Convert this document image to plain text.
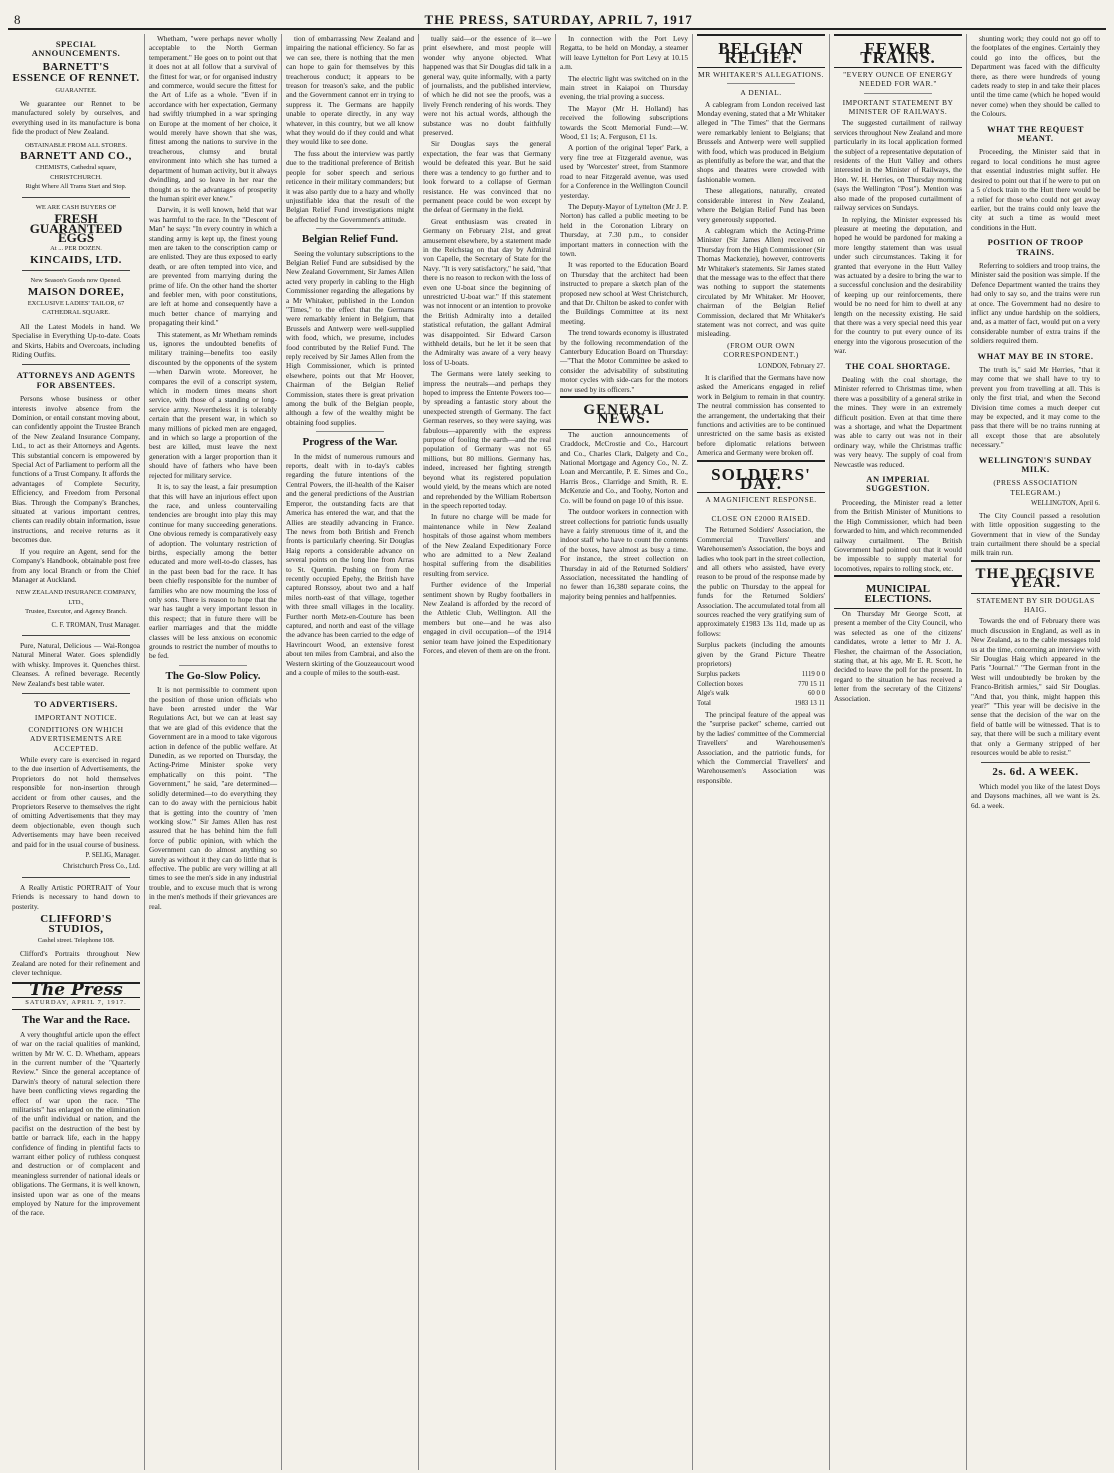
8	THE PRESS, SATURDAY, APRIL 7, 1917

SPECIAL ANNOUNCEMENTS.
BARNETT'S
ESSENCE OF RENNET.
GUARANTEE.

We guarantee our Rennet to be manufactured solely by ourselves, and everything used in its manufacture is bona fide the product of New Zealand.

OBTAINABLE FROM ALL STORES.
BARNETT AND CO.,
CHEMISTS, Cathedral square, CHRISTCHURCH.
Right Where All Trams Start and Stop.
WE ARE CASH BUYERS OF
FRESH GUARANTEED EGGS
At ... PER DOZEN.
KINCAIDS, LTD.
New Season's Goods now Opened.
MAISON DOREE,
EXCLUSIVE LADIES' TAILOR, 67 CATHEDRAL SQUARE.

All the Latest Models in hand. We Specialise in Everything Up-to-date. Coats and Skirts, Habits and Overcoats, including Riding Outfits.

ATTORNEYS AND AGENTS FOR ABSENTEES.

Persons whose business or other interests involve absence from the Dominion, or entail constant moving about, can confidently appoint the Trustee Branch of the New Zealand Insurance Company, Ltd., to act as their Attorneys and Agents. This substantial concern is empowered by Special Act of Parliament to perform all the functions of a Trust Company. It affords the advantages of Complete Security, Efficiency, and Freedom from Personal Bias. Through the Company's Branches, situated at various important centres, clients can readily obtain information, issue instructions, and receive returns as it becomes due.

If you require an Agent, send for the Company's Handbook, obtainable post free from any local Branch or from the Chief Manager at Auckland.

NEW ZEALAND INSURANCE COMPANY, LTD.,
Trustee, Executor, and Agency Branch.
C. F. TROMAN, Trust Manager.

Pure, Natural, Delicious — Wai-Rongoa Natural Mineral Water. Goes splendidly with whisky. Improves it. Quenches thirst. Cleanses. A refined beverage. Recently New Zealand's best table water.

TO ADVERTISERS.
IMPORTANT NOTICE.
CONDITIONS ON WHICH ADVERTISEMENTS ARE ACCEPTED.

While every care is exercised in regard to the due insertion of Advertisements, the Proprietors do not hold themselves responsible for non-insertion through accident or from other causes, and the Proprietors Reserve to themselves the right of omitting Advertisements that they may deem objectionable, even though such Advertisements may have been received and paid for in the usual course of business.

P. SELIG, Manager.
Christchurch Press Co., Ltd.

A Really Artistic PORTRAIT of Your Friends is necessary to hand down to posterity.

CLIFFORD'S STUDIOS,
Cashel street. Telephone 108.

Clifford's Portraits throughout New Zealand are noted for their refinement and clever technique.

The Press
SATURDAY, APRIL 7, 1917.
The War and the Race.

A very thoughtful article upon the effect of war on the racial qualities of mankind, written by Mr W. C. D. Whetham, appears in the current number of the "Quarterly Review." Since the general acceptance of Darwin's theory of natural selection there have been conflicting views regarding the effect of war upon the race. "The militarists" has enlarged on the elimination of the unfit individual or nation, and the pacifist on the destruction of the best by battle or barrack life, each in the happy confidence of finding in plentiful facts to warrant either policy of ruthless conquest and destruction or of complacent and meaningless surrender of national ideals or obligations. The Germans, it is well known, insisted upon war as one of the means employed by Nature for the improvement of the race.

Whetham, "were perhaps never wholly acceptable to the North German temperament." He goes on to point out that it does not at all follow that a survival of the fittest for war, or for organised industry and commerce, would secure the fittest for the Art of Life as a whole. "Even if in accordance with her expectation, Germany had swiftly triumphed in a war springing on Europe at the moment of her choice, it would merely have shown that she was, fittest among the nations to survive in the treacherous, clumsy and brutal environment into which she has turned a department of human activity, but it always dwindling, and so leave in her rear the thought as to the advantages of prosperity the human spirit ever knew."

Darwin, it is well known, held that war was harmful to the race. In the "Descent of Man" he says: "In every country in which a standing army is kept up, the finest young men are taken to the conscription camp or are enlisted. They are thus exposed to early death, or are often tempted into vice, and are prevented from marrying during the prime of life. On the other hand the shorter and feebler men, with poor constitutions, are left at home and consequently have a much better chance of marrying and propagating their kind."

This statement, as Mr Whetham reminds us, ignores the undoubted benefits of military training—benefits too easily discounted by the opponents of the system—when Darwin wrote. Moreover, he compares the evil of a conscript system, which in modern times means short service, with those of a standing or long-service army. Nevertheless it is tolerably certain that the present war, in which so many millions of picked men are engaged, and in which so large a proportion of the best are killed, must leave the next generation with a larger proportion than it should have of fathers who have been rejected for military service.

It is, to say the least, a fair presumption that this will have an injurious effect upon the race, and unless countervailing tendencies are brought into play this may continue for many succeeding generations. One obvious remedy is comparatively easy of adoption. The voluntary restriction of births, especially among the better educated and more well-to-do classes, has in the past been bad for the race. It has been chiefly responsible for the number of families who are now mourning the loss of only sons. There is reason to hope that the war has taught a very important lesson in this respect; that in future there will be earlier marriages and that the middle classes will be less anxious on economic grounds to restrict the number of mouths to be fed.

The Go-Slow Policy.

It is not permissible to comment upon the position of those union officials who have been arrested under the War Regulations Act, but we can at least say that we are glad of this evidence that the Government are in a mood to take vigorous action in defence of the public welfare. At Dunedin, as we reported on Thursday, the Acting-Prime Minister spoke very emphatically on this point. "The Government," he said, "are determined—solidly determined—to do everything they can to do away with the pernicious habit that is getting into the country of 'men working slow.'" Sir James Allen has rest assured that he has behind him the full force of public opinion, with which the Government can do almost anything so surely as without it they can do little that is effective. The public are very willing at all times to see the men's side in any industrial trouble, and to excuse much that is wrong in the men's methods if their grievances are real.

tion of embarrassing New Zealand and impairing the national efficiency. So far as we can see, there is nothing that the men can hope to gain for themselves by this treacherous conduct; it appears to be treason for treason's sake, and the public and the Government cannot err in trying to suppress it. The Germans are happily unable to operate directly, in any way whatever, in this country, but we all know what they would do if they could and what they would like to see done.

The fuss about the interview was partly due to the traditional preference of British people for sober speech and serious reticence in their military commanders; but it was also partly due to a hazy and wholly unjustifiable idea that the result of the Belgian Relief Fund investigations might be affected by the Government's attitude.

Belgian Relief Fund.

Seeing the voluntary subscriptions to the Belgian Relief Fund are subsidised by the New Zealand Government, Sir James Allen acted very properly in cabling to the High Commissioner regarding the allegations by a Mr Whitaker, published in the London "Times," to the effect that the Germans were remarkably lenient in Belgium, that Brussels and Antwerp were well-supplied with food, which, we presume, includes food contributed by the Relief Fund. The reply received by Sir James Allen from the High Commissioner, which is printed elsewhere, points out that Mr Hoover, Chairman of the Belgian Relief Commission, states there is great privation among the bulk of the Belgian people, although a few of the wealthy might be obtaining food supplies.

Progress of the War.

In the midst of numerous rumours and reports, dealt with in to-day's cables regarding the future intentions of the Central Powers, the ill-health of the Kaiser and the general predictions of the Austrian Emperor, the outstanding facts are that America has entered the war, and that the Allies are steadily advancing in France. The news from both British and French fronts is particularly cheering. Sir Douglas Haig reports a considerable advance on several points on the long line from Arras to St. Quentin. Pushing on from the recently occupied Epehy, the British have captured Ronssoy, about two and a half miles north-east of that village, together with three small villages in the locality. Further north Metz-en-Couture has been captured, and north and east of the village the advance has been carried to the edge of Havrincourt Wood, an extensive forest about ten miles from Cambrai, and also the Western skirting of the Gouzeaucourt wood and a couple of miles to the south-east.

tually said—or the essence of it—we print elsewhere, and most people will wonder why anyone objected. What happened was that Sir Douglas did talk in a general way, quite informally, with a party of journalists, and the published interview, of which he did not see the proofs, was a lively French rendering of his words. They were not his actual words, although the substance was no doubt faithfully preserved.

Sir Douglas says the general expectation, the fear was that Germany would be defeated this year. But he said there was a tendency to go further and to look forward to a collapse of German resistance. He was convinced that no permanent peace could be won except by the defeat of Germany in the field.

Great enthusiasm was created in Germany on February 21st, and great amusement elsewhere, by a statement made in the Reichstag on that day by Admiral von Capelle, the Secretary of State for the Navy. "It is very satisfactory," he said, "that there is no reason to reckon with the loss of even one U-boat since the beginning of unrestricted U-boat war." If this statement was not innocent or an intention to provoke the British Admiralty into a detailed statistical refutation, the gallant Admiral was disappointed. Sir Edward Carson withheld details, but he let it be seen that the Admiralty was aware of a very heavy loss of U-boats.

The Germans were lately seeking to impress the neutrals—and perhaps they hoped to impress the Entente Powers too—by spreading a fantastic story about the unexpected strength of Germany. The fact German reserves, so they were saying, was fabulous—apparently with the express purpose of fooling the earth—and the real population of Germany was not 65 millions, but 80 millions. Germany has, indeed, increased her fighting strength beyond what its registered population would yield, by the means which are noted and reprehended by the William Robertson in the speech reported today.

In future no charge will be made for maintenance while in New Zealand hospitals of those against whom members of the New Zealand Expeditionary Force who are admitted to a New Zealand hospital suffering from the disabilities resulting from service.

Further evidence of the Imperial sentiment shown by Rugby footballers in New Zealand is afforded by the record of the Athletic Club, Wellington. All the members but one—and he was also engaged in civil occupation—of the 1914 senior team have joined the Expeditionary Forces, and eleven of them are on the front.

In connection with the Port Levy Regatta, to be held on Monday, a steamer will leave Lyttelton for Port Levy at 10.15 a.m.

The electric light was switched on in the main street in Kaiapoi on Thursday evening, the trial proving a success.

The Mayor (Mr H. Holland) has received the following subscriptions towards the Scott Memorial Fund:—W. Wood, £1 1s; A. Ferguson, £1 1s.

A portion of the original 'leper' Park, a very fine tree at Fitzgerald avenue, was used by 'Worcester' street, from Stanmore road to near Fitzgerald avenue, was used for a Conference in the Wellington Council yesterday.

The Deputy-Mayor of Lyttelton (Mr J. P. Norton) has called a public meeting to be held in the Coronation Library on Thursday, at 7.30 p.m., to consider important matters in connection with the town.

It was reported to the Education Board on Thursday that the architect had been instructed to prepare a sketch plan of the proposed new school at West Christchurch, and that Dr. Chilton be asked to confer with the Buildings Committee at its next meeting.

The trend towards economy is illustrated by the following recommendation of the Canterbury Education Board on Thursday:—"That the Motor Committee be asked to consider the advisability of substituting motor cycles with side-cars for the motors now used by its officers."

GENERAL NEWS.

The auction announcements of Craddock, McCrostie and Co., Harcourt and Co., Charles Clark, Dalgety and Co., National Mortgage and Agency Co., N. Z. Loan and Mercantile, P. E. Simes and Co., Harris Bros., Clarridge and Smith, R. E. McKenzie and Co., and Toohy, Norton and Co. will be found on page 10 of this issue.

The outdoor workers in connection with street collections for patriotic funds usually have a fairly strenuous time of it, and the indoor staff who have to count the contents of the boxes, have almost as busy a time. For instance, the street collection on Thursday in aid of the Returned Soldiers' Association, necessitated the handling of no fewer than 16,380 separate coins, the majority being pennies and halfpennies.

BELGIAN RELIEF.
MR WHITAKER'S ALLEGATIONS.
A DENIAL.

A cablegram from London received last Monday evening, stated that a Mr Whitaker alleged in "The Times" that the Germans were remarkably lenient to Belgians; that Brussels and Antwerp were well supplied with food, which was produced in Belgium as plentifully as before the war, and that the shops and theatres were crowded with fashionable women.

These allegations, naturally, created considerable interest in New Zealand, where the Belgian Relief Fund has been very generously supported.

A cablegram which the Acting-Prime Minister (Sir James Allen) received on Thursday from the High Commissioner (Sir Thomas Mackenzie), however, controverts Mr Whitaker's statements. Sir James stated that the message was to the effect that there was nothing to support the statements circulated by Mr Whitaker. Mr Hoover, chairman of the Belgian Relief Commission, declared that Mr Whitaker's statement was not correct, and was quite misleading.

(FROM OUR OWN CORRESPONDENT.)
LONDON, February 27.

It is clarified that the Germans have now asked the Americans engaged in relief work in Belgium to remain in that country. The neutral commission has consented to the arrangement, the undertaking that their functions and activities are to be continued unrestricted on the same basis as existed before diplomatic relations between America and Germany were broken off.

SOLDIERS' DAY.
A MAGNIFICENT RESPONSE.
CLOSE ON £2000 RAISED.

The Returned Soldiers' Association, the Commercial Travellers' and Warehousemen's Association, the boys and ladies who took part in the street collection, and all others who assisted, have every reason to be proud of the response made by the public on Thursday to the appeal for funds for the Returned Soldiers' Association. The accumulated total from all sources reached the very gratifying sum of approximately £1983 13s 11d, made up as follows:

Surplus packets (including the amounts given by the Grand Picture Theatre proprietors)

Surplus packets	1119 0 0
Collection boxes	770 15 11
Alge's walk	60 0 0
Total	1983 13 11

The principal feature of the appeal was the "surprise packet" scheme, carried out by the ladies' committee of the Commercial Travellers' and Warehousemen's Association, and the patriotic funds, for which the Commercial Travellers' and Warehousemen's Association was responsible.

FEWER TRAINS.
"EVERY OUNCE OF ENERGY NEEDED FOR WAR."
IMPORTANT STATEMENT BY MINISTER OF RAILWAYS.

The suggested curtailment of railway services throughout New Zealand and more particularly in its local application formed the subject of a representative deputation of residents of the Hutt Valley and others interested in the Minister of Railways, the Hon. W. H. Herries, on Thursday morning (says the Wellington "Post"). Mention was also made of the proposed curtailment of railway services on Sundays.

In replying, the Minister expressed his pleasure at meeting the deputation, and hoped he would be pardoned for making a more lengthy statement than was usual under such circumstances. Taking it for granted that everyone in the Hutt Valley was actuated by a desire to bring the war to a successful conclusion and the desirability of keeping up our reinforcements, there would be no need for him to dwell at any length on the necessity existing. He said that there was a very special need this year for the country to put every ounce of its energy into the vigorous prosecution of the war.

THE COAL SHORTAGE.

Dealing with the coal shortage, the Minister referred to Christmas time, when there was a possibility of a general strike in the mines. They were in an extremely difficult position. Even at that time there was a shortage, and what the Department was able to carry out was not in their ordinary way, while the Christmas traffic was very heavy. The supply of coal from Newcastle was reduced.

AN IMPERIAL SUGGESTION.

Proceeding, the Minister read a letter from the British Minister of Munitions to the High Commissioner, which had been forwarded to him, and which recommended railway curtailment. The British Government had pointed out that it would be impossible to supply material for locomotives, repairs to rolling stock, etc.

MUNICIPAL ELECTIONS.

On Thursday Mr George Scott, at present a member of the City Council, who was selected as one of the citizens' candidates, wrote a letter to Mr J. A. Flesher, the chairman of the Association, stating that, at his age, Mr E. R. Scott, he decided to leave the poll for the present. In regard to the situation he has received a letter from the secretary of the Citizens' Association.

shunting work; they could not go off to the footplates of the engines. Certainly they could go into the offices, but the Department was faced with the difficulty there, as there were hundreds of young cadets ready to step in and take their places until the time came (which he hoped would never come) when they should be called to the Colours.

WHAT THE REQUEST MEANT.

Proceeding, the Minister said that in regard to local conditions he must agree that essential industries might suffer. He desired to point out that if he were to put on a 5 o'clock train to the Hutt there would be a relief for those who could not get away earlier, but the trains could only leave the city at such a time as would meet conditions in the Hutt.

POSITION OF TROOP TRAINS.

Referring to soldiers and troop trains, the Minister said the position was simple. If the Defence Department wanted the trains they had only to say so, and the trains were run at once. The Government had no desire to inflict any undue hardship on the soldiers, and, as a matter of fact, would put on a very considerable number of extra trains if the soldiers required them.

WHAT MAY BE IN STORE.

The truth is," said Mr Herries, "that it may come that we shall have to try to prevent you from travelling at all. This is only the first trial, and when the Second Division time comes a much deeper cut may be expected, and it may come to the pass that there will be no trains running at all except those that are absolutely necessary."

WELLINGTON'S SUNDAY MILK.
(PRESS ASSOCIATION TELEGRAM.)
WELLINGTON, April 6.

The City Council passed a resolution with little opposition suggesting to the Government that in view of the Sunday train curtailment there should be a special milk train run.

THE DECISIVE YEAR.
STATEMENT BY SIR DOUGLAS HAIG.

Towards the end of February there was much discussion in England, as well as in New Zealand, as to the cable messages told us at the time, concerning an interview with Sir Douglas Haig which appeared in the Paris "Journal." "The German front in the West will undoubtedly be broken by the Franco-British armies," said Sir Douglas. "And that, you think, might happen this year?" "This year will be decisive in the sense that the decision of the war on the field of battle will be witnessed. That is to say, that there will be such a military event that only a Germany stripped of her resources would be able to resist."

2s. 6d. A WEEK.

Which model you like of the latest Doys and Daysons machines, all we want is 2s. 6d. a week.
